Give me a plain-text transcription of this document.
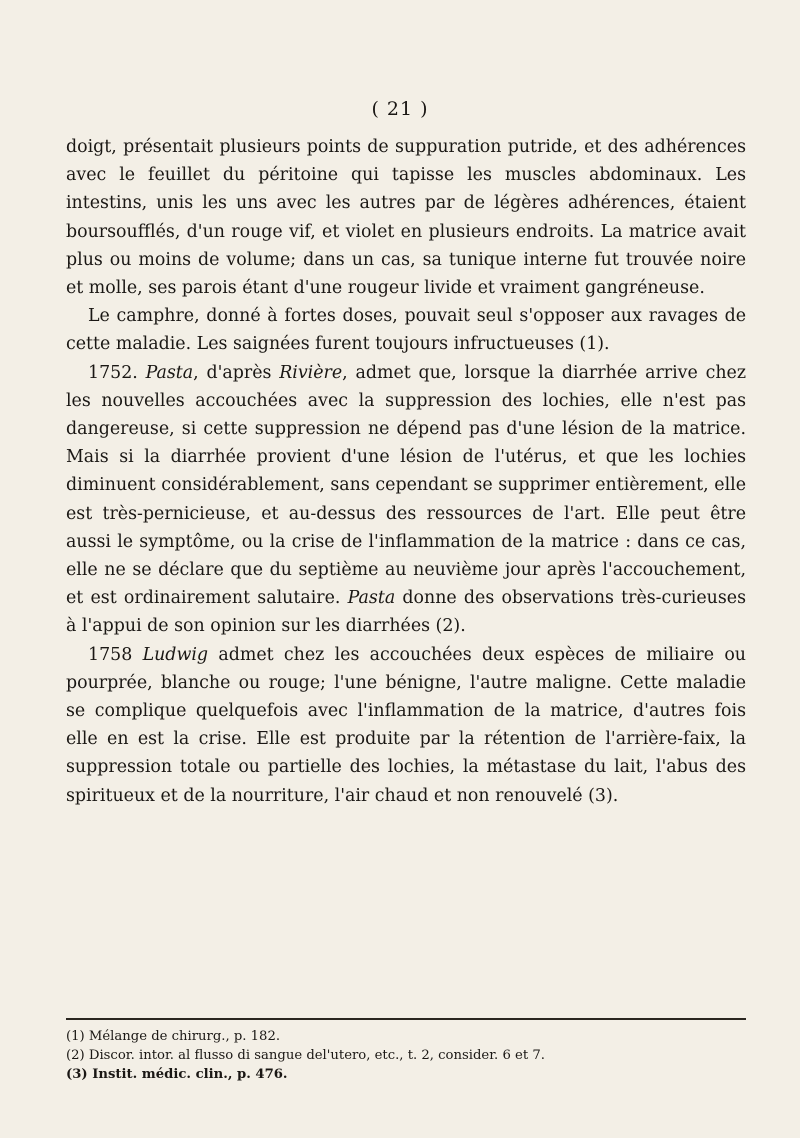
( 21 )

doigt, présentait plusieurs points de suppuration putride, et des adhérences avec le feuillet du péritoine qui tapisse les muscles abdominaux. Les intestins, unis les uns avec les autres par de légères adhérences, étaient boursoufflés, d'un rouge vif, et violet en plusieurs endroits. La matrice avait plus ou moins de volume; dans un cas, sa tunique interne fut trouvée noire et molle, ses parois étant d'une rougeur livide et vraiment gangréneuse.

Le camphre, donné à fortes doses, pouvait seul s'opposer aux ravages de cette maladie. Les saignées furent toujours infructueuses (1).

1752. Pasta, d'après Rivière, admet que, lorsque la diarrhée arrive chez les nouvelles accouchées avec la suppression des lochies, elle n'est pas dangereuse, si cette suppression ne dépend pas d'une lésion de la matrice. Mais si la diarrhée provient d'une lésion de l'utérus, et que les lochies diminuent considérablement, sans cependant se supprimer entièrement, elle est très-pernicieuse, et au-dessus des ressources de l'art. Elle peut être aussi le symptôme, ou la crise de l'inflammation de la matrice : dans ce cas, elle ne se déclare que du septième au neuvième jour après l'accouchement, et est ordinairement salutaire. Pasta donne des observations très-curieuses à l'appui de son opinion sur les diarrhées (2).

1758 Ludwig admet chez les accouchées deux espèces de miliaire ou pourprée, blanche ou rouge; l'une bénigne, l'autre maligne. Cette maladie se complique quelquefois avec l'inflammation de la matrice, d'autres fois elle en est la crise. Elle est produite par la rétention de l'arrière-faix, la suppression totale ou partielle des lochies, la métastase du lait, l'abus des spiritueux et de la nourriture, l'air chaud et non renouvelé (3).

(1) Mélange de chirurg., p. 182.
(2) Discor. intor. al flusso di sangue del'utero, etc., t. 2, consider. 6 et 7.
(3) Instit. médic. clin., p. 476.
